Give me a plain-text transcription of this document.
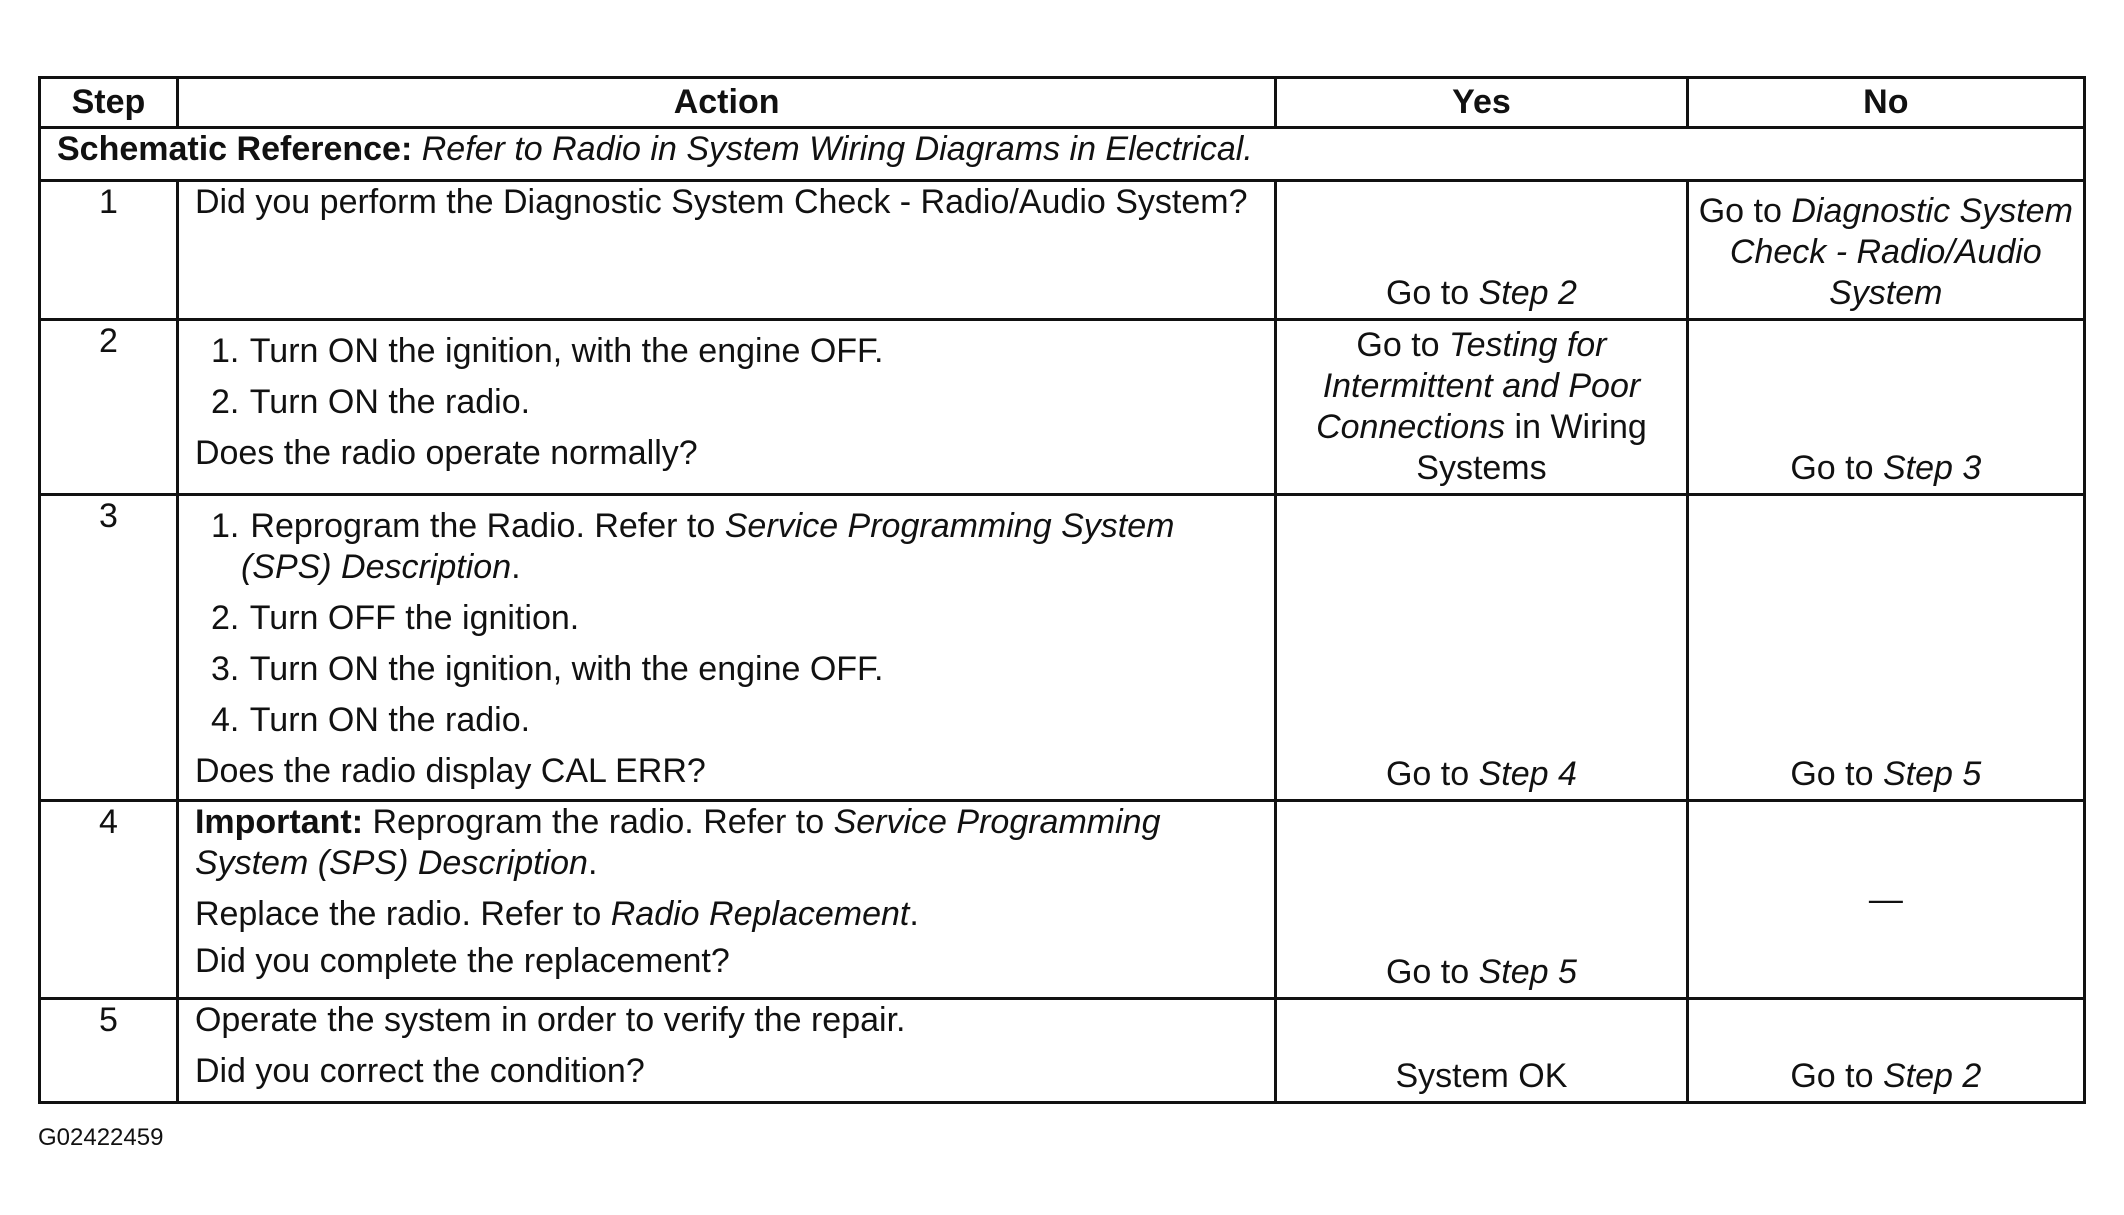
Step	Action	Yes	No
Schematic Reference: Refer to Radio in System Wiring Diagrams in Electrical.			
1	Did you perform the Diagnostic System Check - Radio/Audio System?	Go to Step 2	Go to Diagnostic System Check - Radio/Audio System

2	1. Turn ON the ignition, with the engine OFF.

2. Turn ON the radio.

Does the radio operate normally?	Go to Testing for Intermittent and Poor Connections in Wiring Systems	Go to Step 3

3	1. Reprogram the Radio. Refer to Service Programming System (SPS) Description.

2. Turn OFF the ignition.

3. Turn ON the ignition, with the engine OFF.

4. Turn ON the radio.

Does the radio display CAL ERR?	Go to Step 4	Go to Step 5

4	Important: Reprogram the radio. Refer to Service Programming System (SPS) Description.

Replace the radio. Refer to Radio Replacement.

Did you complete the replacement?	Go to Step 5	—

5	Operate the system in order to verify the repair.

Did you correct the condition?	System OK	Go to Step 2
G02422459
